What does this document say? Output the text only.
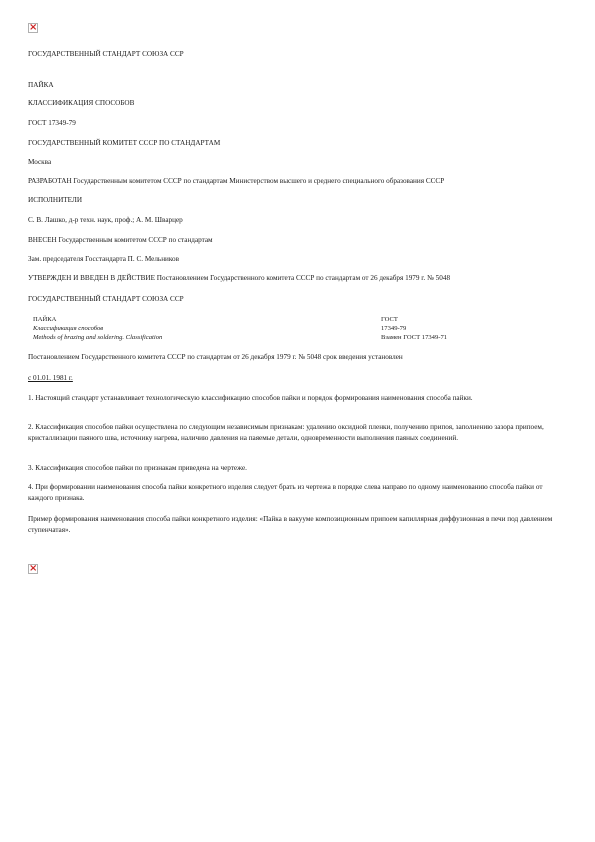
×
ГОСУДАРСТВЕННЫЙ СТАНДАРТ СОЮЗА ССР
ПАЙКА
КЛАССИФИКАЦИЯ СПОСОБОВ
ГОСТ 17349-79
ГОСУДАРСТВЕННЫЙ КОМИТЕТ СССР ПО СТАНДАРТАМ
Москва
РАЗРАБОТАН Государственным комитетом СССР по стандартам Министерством высшего и среднего специального образования СССР
ИСПОЛНИТЕЛИ
С. В. Лашко, д-р техн. наук, проф.; А. М. Шварцер
ВНЕСЕН Государственным комитетом СССР по стандартам
Зам. председателя Госстандарта П. С. Мельников
УТВЕРЖДЕН И ВВЕДЕН В ДЕЙСТВИЕ Постановлением Государственного комитета СССР по стандартам от 26 декабря 1979 г. № 5048
ГОСУДАРСТВЕННЫЙ СТАНДАРТ СОЮЗА ССР
ПАЙКА
Классификация способов
Methods of brazing and soldering. Classification
ГОСТ
17349-79
Взамен ГОСТ 17349-71
Постановлением Государственного комитета СССР по стандартам от 26 декабря 1979 г. № 5048 срок введения установлен
с 01.01. 1981 г.
1. Настоящий стандарт устанавливает технологическую классификацию способов пайки и порядок формирования наименования способа пайки.
2. Классификация способов пайки осуществлена по следующим независимым признакам: удалению оксидной пленки, получению припоя, заполнению зазора припоем, кристаллизации паяного шва, источнику нагрева, наличию давления на паяемые детали, одновременности выполнения паяных соединений.
3. Классификация способов пайки по признакам приведена на чертеже.
4. При формировании наименования способа пайки конкретного изделия следует брать из чертежа в порядке слева направо по одному наименованию способа пайки от каждого признака.
Пример формирования наименования способа пайки конкретного изделия: «Пайка в вакууме композиционным припоем капиллярная диффузионная в печи под давлением ступенчатая».
×
